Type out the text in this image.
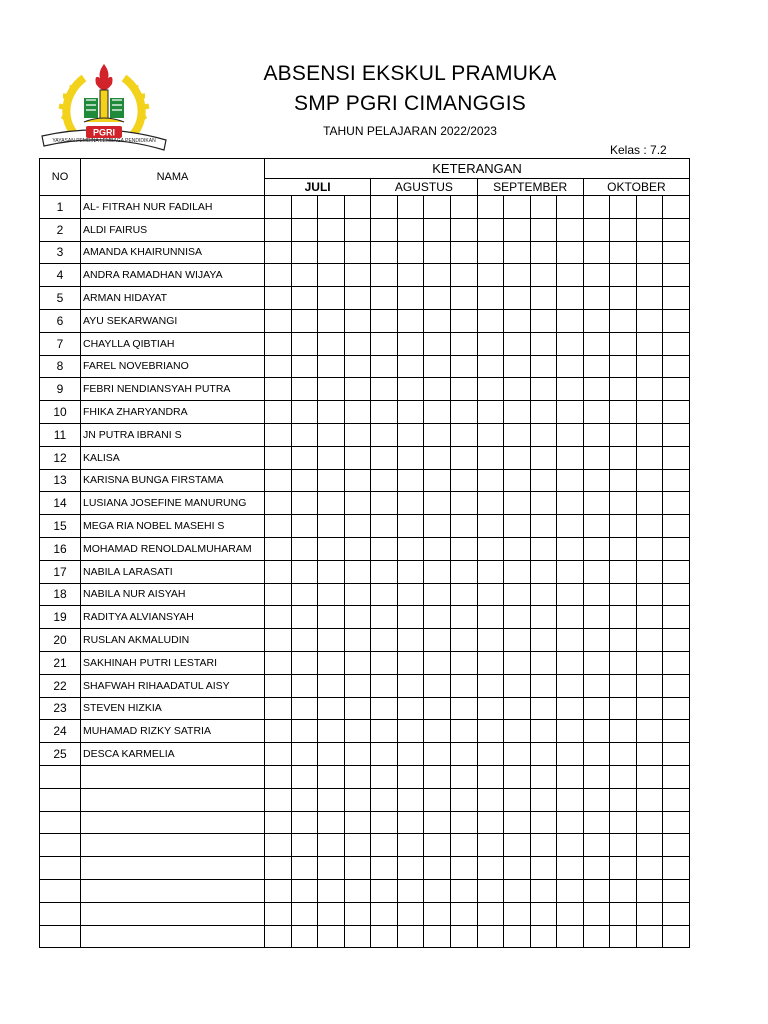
YAYASAN PEMBINA LEMBAGA PENDIDIKAN
PGRI
ABSENSI EKSKUL PRAMUKA
SMP PGRI CIMANGGIS
TAHUN PELAJARAN 2022/2023
Kelas : 7.2
NO	NAMA	KETERANGAN															
		JULI				AGUSTUS				SEPTEMBER				OKTOBER			
1	AL- FITRAH NUR FADILAH																
2	ALDI FAIRUS																
3	AMANDA KHAIRUNNISA																
4	ANDRA RAMADHAN WIJAYA																
5	ARMAN HIDAYAT																
6	AYU SEKARWANGI																
7	CHAYLLA QIBTIAH																
8	FAREL NOVEBRIANO																
9	FEBRI NENDIANSYAH PUTRA																
10	FHIKA ZHARYANDRA																
11	JN PUTRA IBRANI S																
12	KALISA																
13	KARISNA BUNGA FIRSTAMA																
14	LUSIANA JOSEFINE MANURUNG																
15	MEGA RIA NOBEL MASEHI S																
16	MOHAMAD RENOLDALMUHARAM																
17	NABILA LARASATI																
18	NABILA NUR AISYAH																
19	RADITYA ALVIANSYAH																
20	RUSLAN AKMALUDIN																
21	SAKHINAH PUTRI LESTARI																
22	SHAFWAH RIHAADATUL AISY																
23	STEVEN HIZKIA																
24	MUHAMAD RIZKY SATRIA																
25	DESCA KARMELIA																
